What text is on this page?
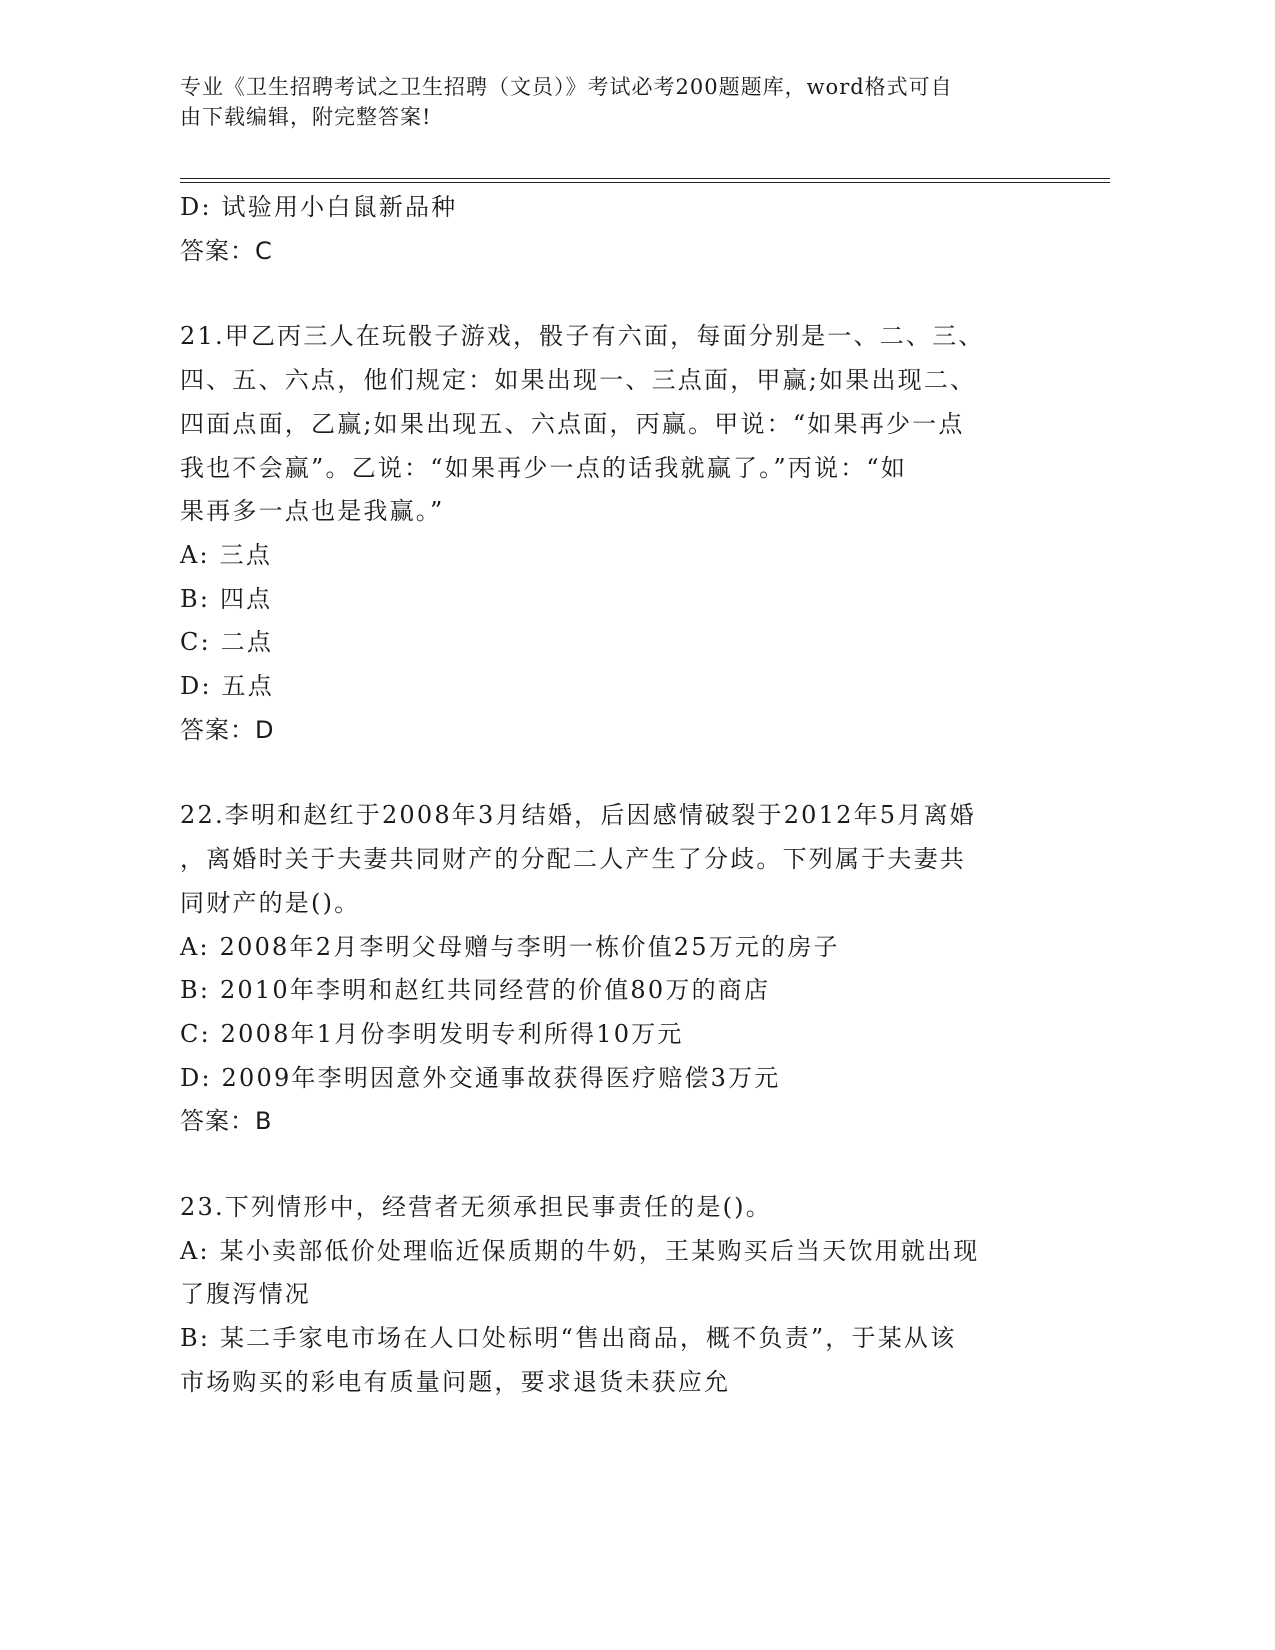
专业《卫生招聘考试之卫生招聘（文员）》考试必考200题题库，word格式可自
由下载编辑，附完整答案!

D: 试验用小白鼠新品种

答案：C

21.甲乙丙三人在玩骰子游戏，骰子有六面，每面分别是一、二、三、

四、五、六点，他们规定：如果出现一、三点面，甲赢;如果出现二、

四面点面，乙赢;如果出现五、六点面，丙赢。甲说：“如果再少一点

我也不会赢”。乙说：“如果再少一点的话我就赢了。”丙说：“如

果再多一点也是我赢。”

A: 三点

B: 四点

C: 二点

D: 五点

答案：D

22.李明和赵红于2008年3月结婚，后因感情破裂于2012年5月离婚

，离婚时关于夫妻共同财产的分配二人产生了分歧。下列属于夫妻共

同财产的是()。

A: 2008年2月李明父母赠与李明一栋价值25万元的房子

B: 2010年李明和赵红共同经营的价值80万的商店

C: 2008年1月份李明发明专利所得10万元

D: 2009年李明因意外交通事故获得医疗赔偿3万元

答案：B

23.下列情形中，经营者无须承担民事责任的是()。

A: 某小卖部低价处理临近保质期的牛奶，王某购买后当天饮用就出现

了腹泻情况

B: 某二手家电市场在人口处标明“售出商品，概不负责”，于某从该

市场购买的彩电有质量问题，要求退货未获应允
